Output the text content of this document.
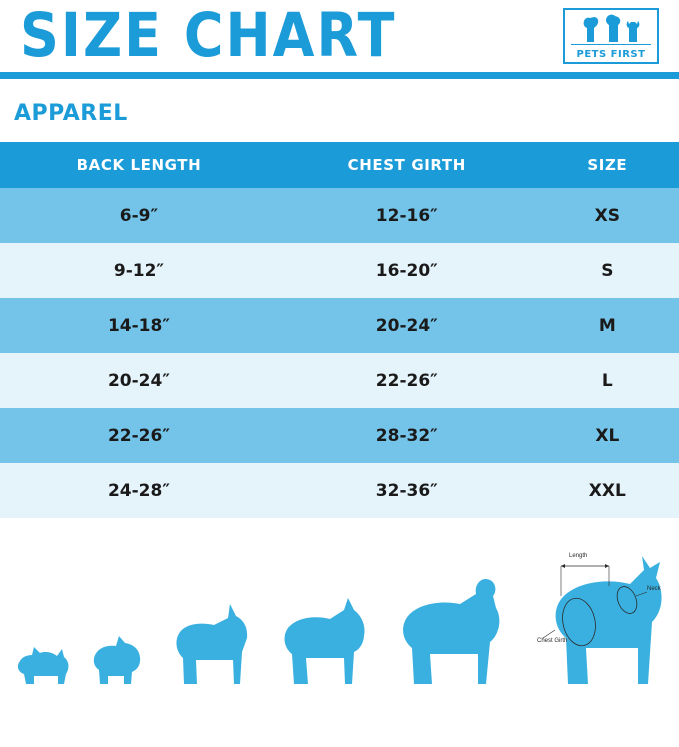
SIZE CHART	PETS FIRST
APPAREL
BACK LENGTH	CHEST GIRTH	SIZE
6-9″	12-16″	XS
9-12″	16-20″	S
14-18″	20-24″	M
20-24″	22-26″	L
22-26″	28-32″	XL
24-28″	32-36″	XXL
Length
Chest Girth
Neck
